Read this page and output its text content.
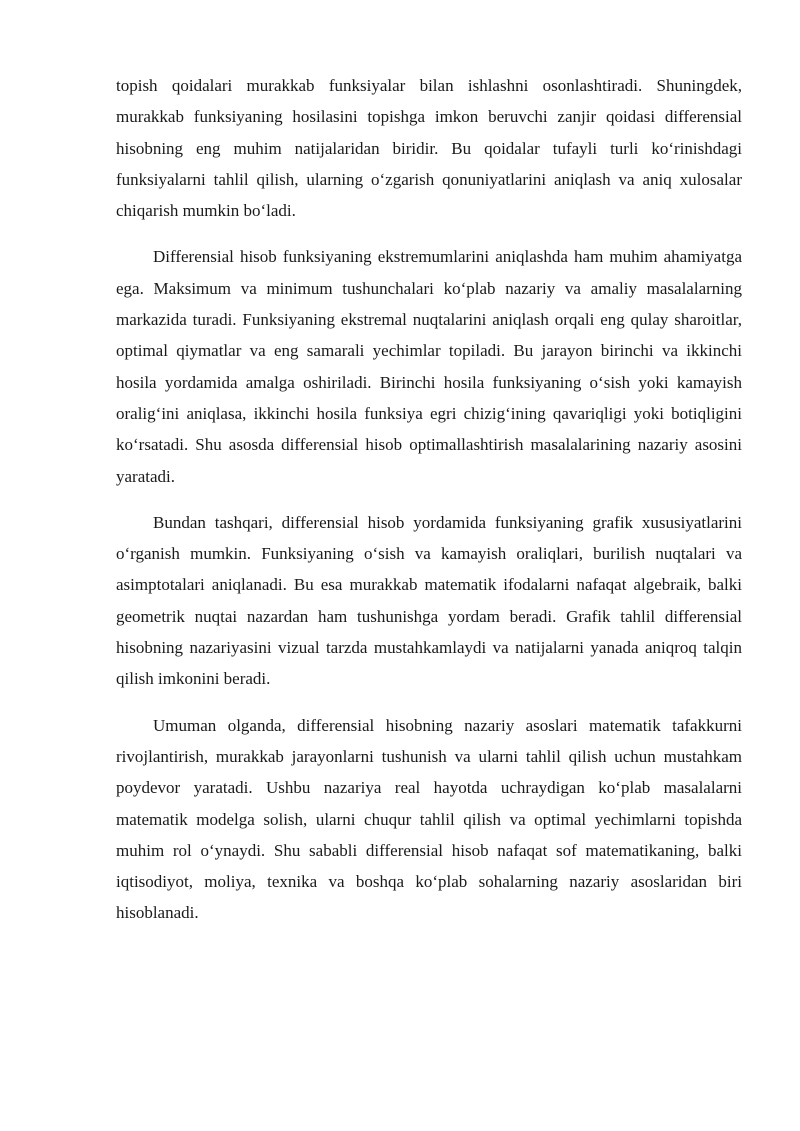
topish qoidalari murakkab funksiyalar bilan ishlashni osonlashtiradi. Shuningdek, murakkab funksiyaning hosilasini topishga imkon beruvchi zanjir qoidasi differensial hisobning eng muhim natijalaridan biridir. Bu qoidalar tufayli turli koʻrinishdagi funksiyalarni tahlil qilish, ularning oʻzgarish qonuniyatlarini aniqlash va aniq xulosalar chiqarish mumkin boʻladi.

Differensial hisob funksiyaning ekstremumlarini aniqlashda ham muhim ahamiyatga ega. Maksimum va minimum tushunchalari koʻplab nazariy va amaliy masalalarning markazida turadi. Funksiyaning ekstremal nuqtalarini aniqlash orqali eng qulay sharoitlar, optimal qiymatlar va eng samarali yechimlar topiladi. Bu jarayon birinchi va ikkinchi hosila yordamida amalga oshiriladi. Birinchi hosila funksiyaning oʻsish yoki kamayish oraligʻini aniqlasa, ikkinchi hosila funksiya egri chizigʻining qavariqligi yoki botiqligini koʻrsatadi. Shu asosda differensial hisob optimallashtirish masalalarining nazariy asosini yaratadi.

Bundan tashqari, differensial hisob yordamida funksiyaning grafik xususiyatlarini oʻrganish mumkin. Funksiyaning oʻsish va kamayish oraliqlari, burilish nuqtalari va asimptotalari aniqlanadi. Bu esa murakkab matematik ifodalarni nafaqat algebraik, balki geometrik nuqtai nazardan ham tushunishga yordam beradi. Grafik tahlil differensial hisobning nazariyasini vizual tarzda mustahkamlaydi va natijalarni yanada aniqroq talqin qilish imkonini beradi.

Umuman olganda, differensial hisobning nazariy asoslari matematik tafakkurni rivojlantirish, murakkab jarayonlarni tushunish va ularni tahlil qilish uchun mustahkam poydevor yaratadi. Ushbu nazariya real hayotda uchraydigan koʻplab masalalarni matematik modelga solish, ularni chuqur tahlil qilish va optimal yechimlarni topishda muhim rol oʻynaydi. Shu sababli differensial hisob nafaqat sof matematikaning, balki iqtisodiyot, moliya, texnika va boshqa koʻplab sohalarning nazariy asoslaridan biri hisoblanadi.
